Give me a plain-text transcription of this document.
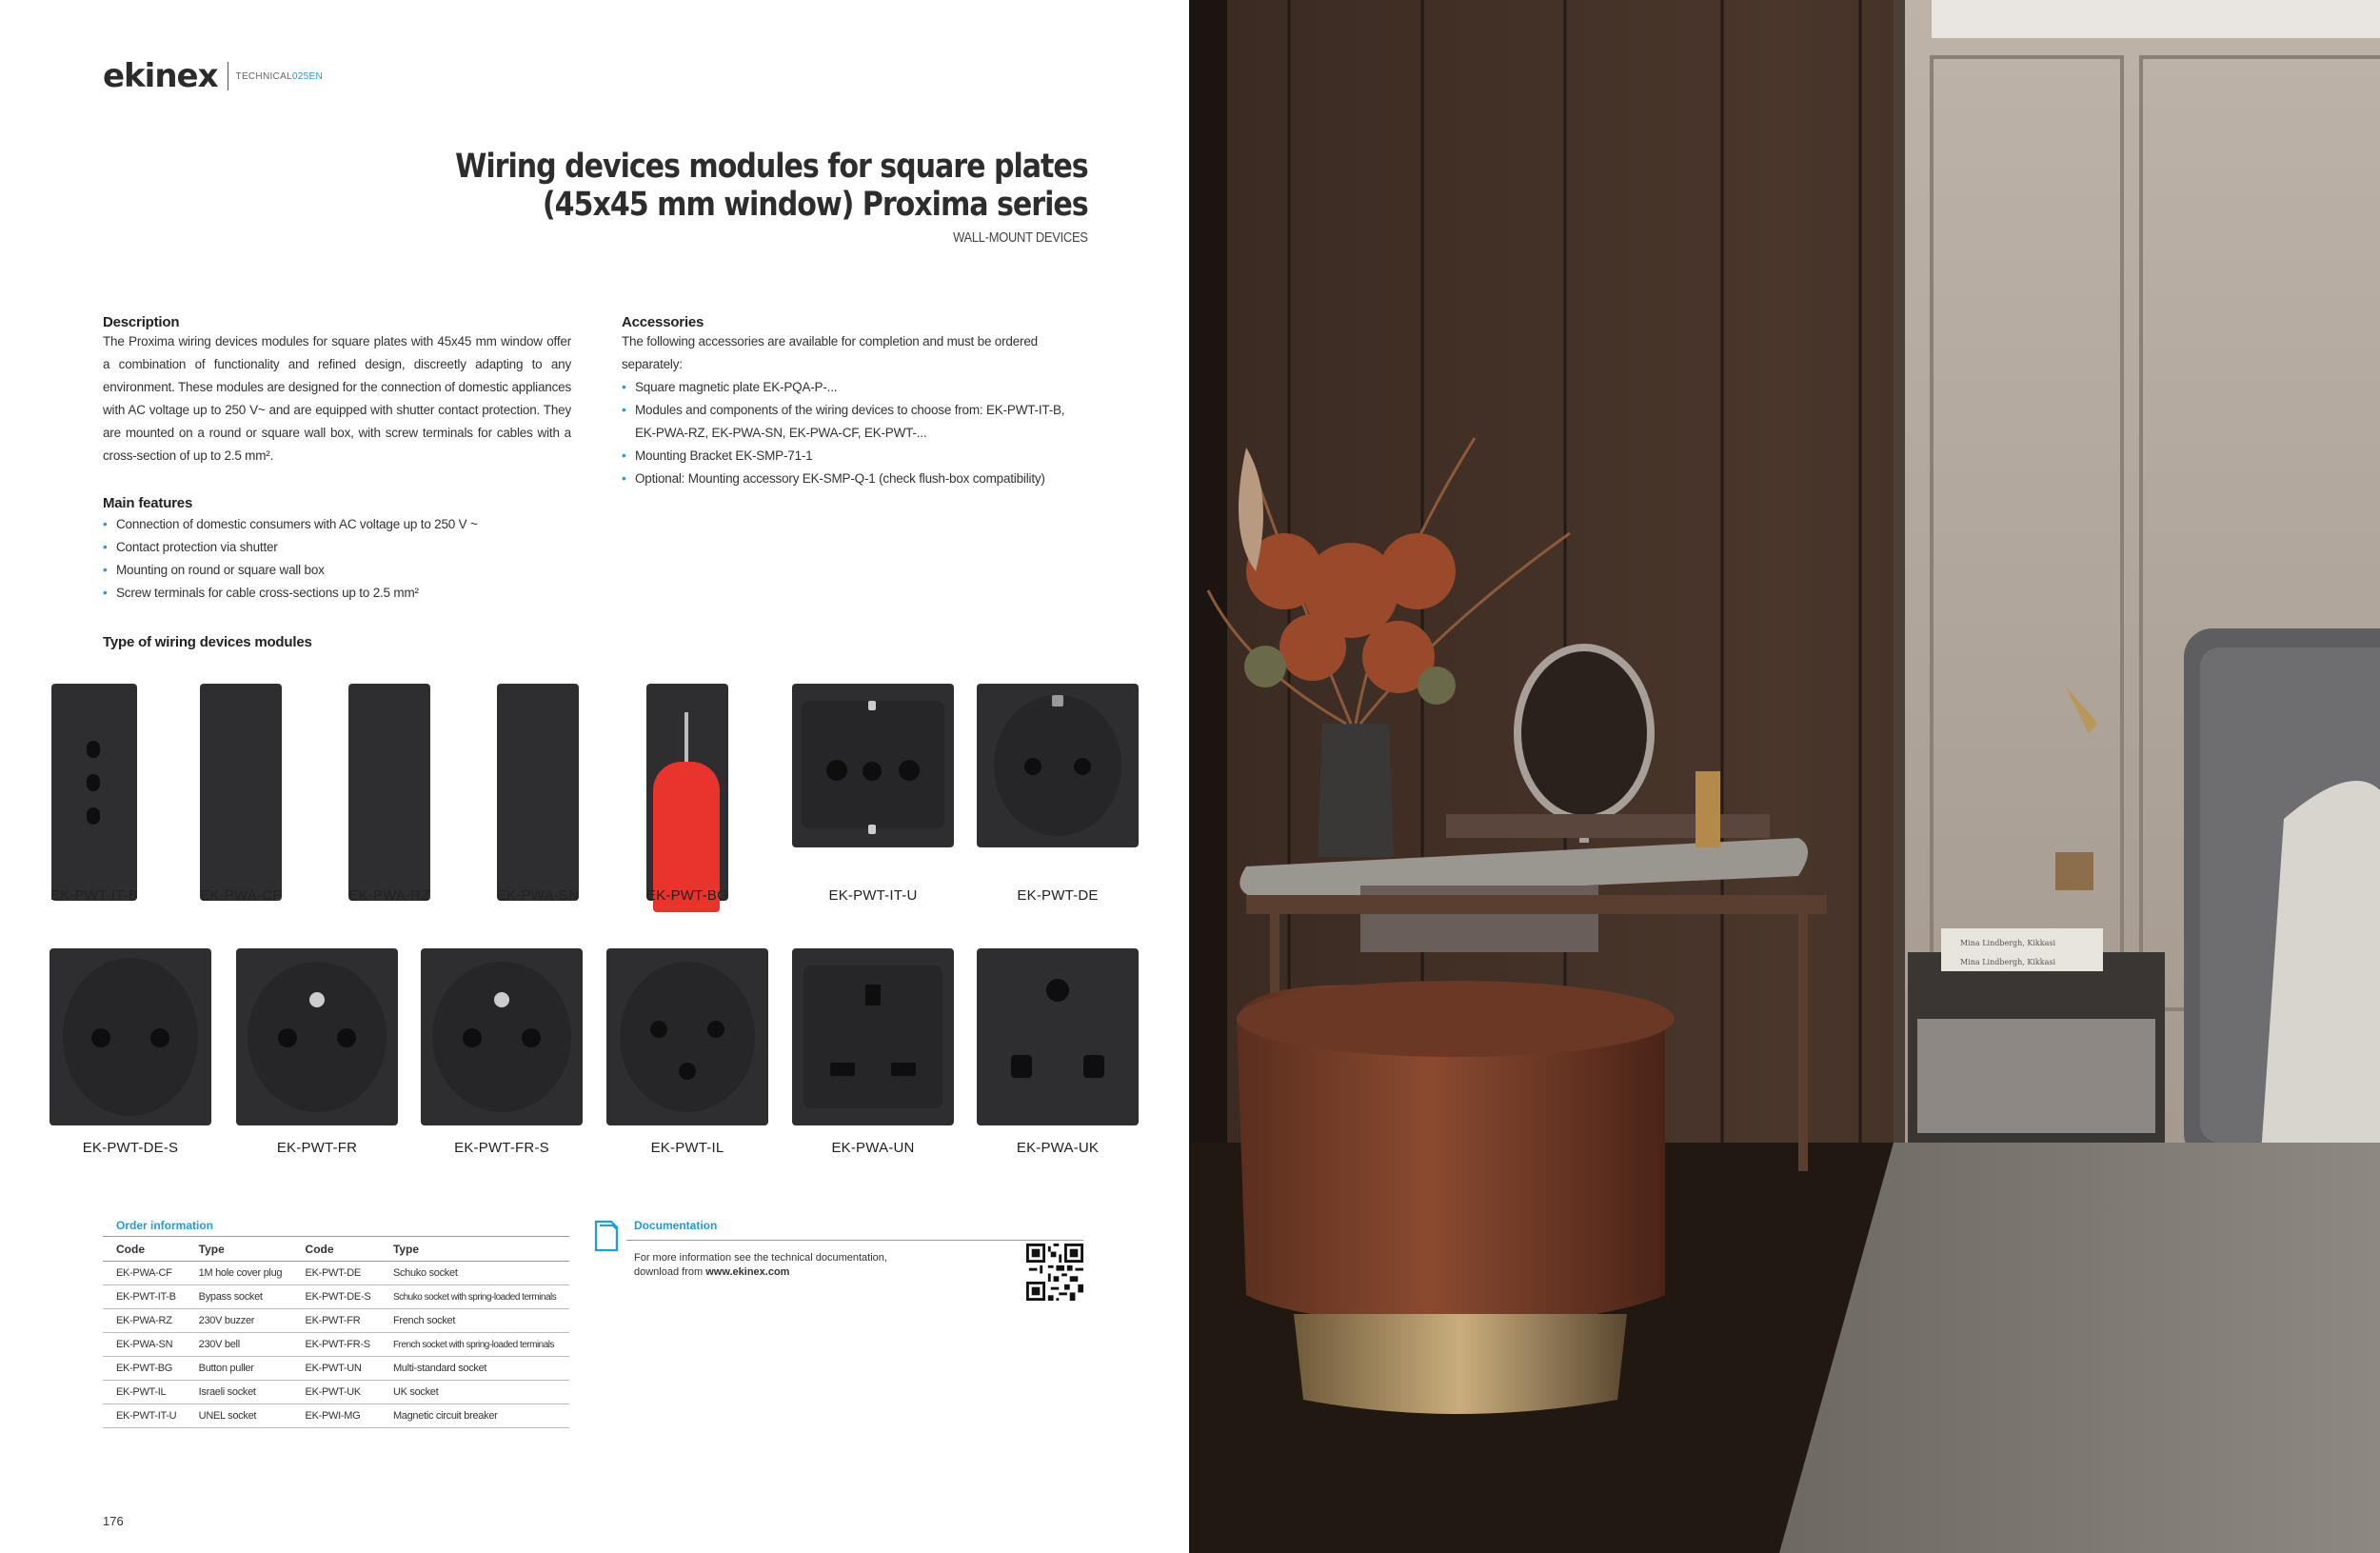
ekinex TECHNICAL025EN
Wiring devices modules for square plates
(45x45 mm window) Proxima series
WALL-MOUNT DEVICES
Description
The Proxima wiring devices modules for square plates with 45x45 mm window offer a combination of functionality and refined design, discreetly adapting to any environment. These modules are designed for the connection of domestic appliances with AC voltage up to 250 V~ and are equipped with shutter contact protection. They are mounted on a round or square wall box, with screw terminals for cables with a cross-section of up to 2.5 mm².
Main features
• Connection of domestic consumers with AC voltage up to 250 V ~
• Contact protection via shutter
• Mounting on round or square wall box
• Screw terminals for cable cross-sections up to 2.5 mm²
Accessories
The following accessories are available for completion and must be ordered separately:
• Square magnetic plate EK-PQA-P-...
• Modules and components of the wiring devices to choose from: EK-PWT-IT-B, EK-PWA-RZ, EK-PWA-SN, EK-PWA-CF, EK-PWT-...
• Mounting Bracket EK-SMP-71-1
• Optional: Mounting accessory EK-SMP-Q-1 (check flush-box compatibility)
Type of wiring devices modules
EK-PWT-IT-B	EK-PWA-CF	EK-PWA-RZ	EK-PWA-SN	EK-PWT-BG	EK-PWT-IT-U	EK-PWT-DE
EK-PWT-DE-S	EK-PWT-FR	EK-PWT-FR-S	EK-PWT-IL	EK-PWA-UN	EK-PWA-UK
Order information
Code	Type	Code	Type
EK-PWA-CF	1M hole cover plug	EK-PWT-DE	Schuko socket
EK-PWT-IT-B	Bypass socket	EK-PWT-DE-S	Schuko socket with spring-loaded terminals
EK-PWA-RZ	230V buzzer	EK-PWT-FR	French socket
EK-PWA-SN	230V bell	EK-PWT-FR-S	French socket with spring-loaded terminals
EK-PWT-BG	Button puller	EK-PWT-UN	Multi-standard socket
EK-PWT-IL	Israeli socket	EK-PWT-UK	UK socket
EK-PWT-IT-U	UNEL socket	EK-PWI-MG	Magnetic circuit breaker
Documentation
For more information see the technical documentation,
download from www.ekinex.com
176
Mina Lindbergh, Kikkasi
Mina Lindbergh, Kikkasi
